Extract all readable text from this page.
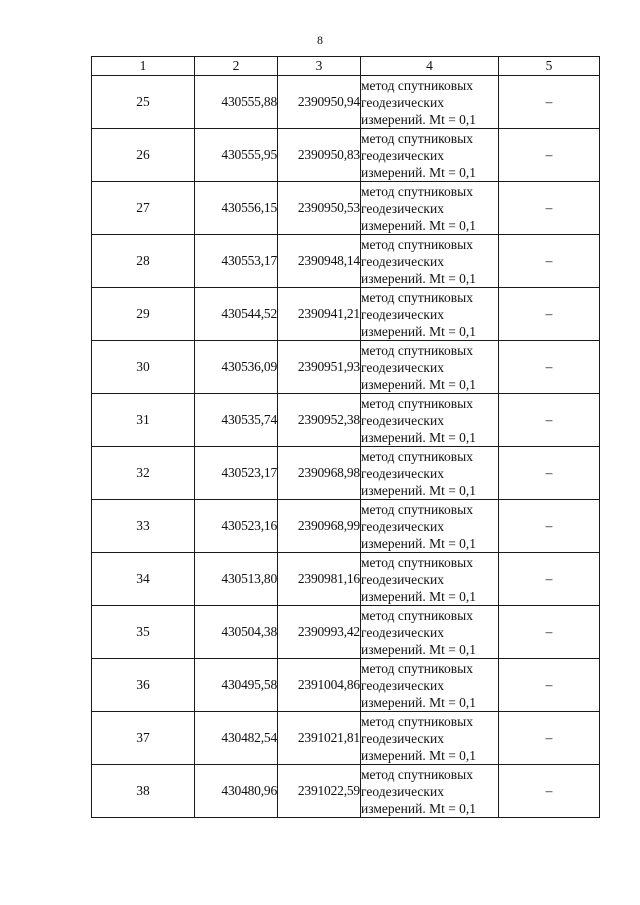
8
1	2	3	4	5
25	430555,88	2390950,94	метод спутниковых
геодезических
измерений. Mt = 0,1	–
26	430555,95	2390950,83	метод спутниковых
геодезических
измерений. Mt = 0,1	–
27	430556,15	2390950,53	метод спутниковых
геодезических
измерений. Mt = 0,1	–
28	430553,17	2390948,14	метод спутниковых
геодезических
измерений. Mt = 0,1	–
29	430544,52	2390941,21	метод спутниковых
геодезических
измерений. Mt = 0,1	–
30	430536,09	2390951,93	метод спутниковых
геодезических
измерений. Mt = 0,1	–
31	430535,74	2390952,38	метод спутниковых
геодезических
измерений. Mt = 0,1	–
32	430523,17	2390968,98	метод спутниковых
геодезических
измерений. Mt = 0,1	–
33	430523,16	2390968,99	метод спутниковых
геодезических
измерений. Mt = 0,1	–
34	430513,80	2390981,16	метод спутниковых
геодезических
измерений. Mt = 0,1	–
35	430504,38	2390993,42	метод спутниковых
геодезических
измерений. Mt = 0,1	–
36	430495,58	2391004,86	метод спутниковых
геодезических
измерений. Mt = 0,1	–
37	430482,54	2391021,81	метод спутниковых
геодезических
измерений. Mt = 0,1	–
38	430480,96	2391022,59	метод спутниковых
геодезических
измерений. Mt = 0,1	–
